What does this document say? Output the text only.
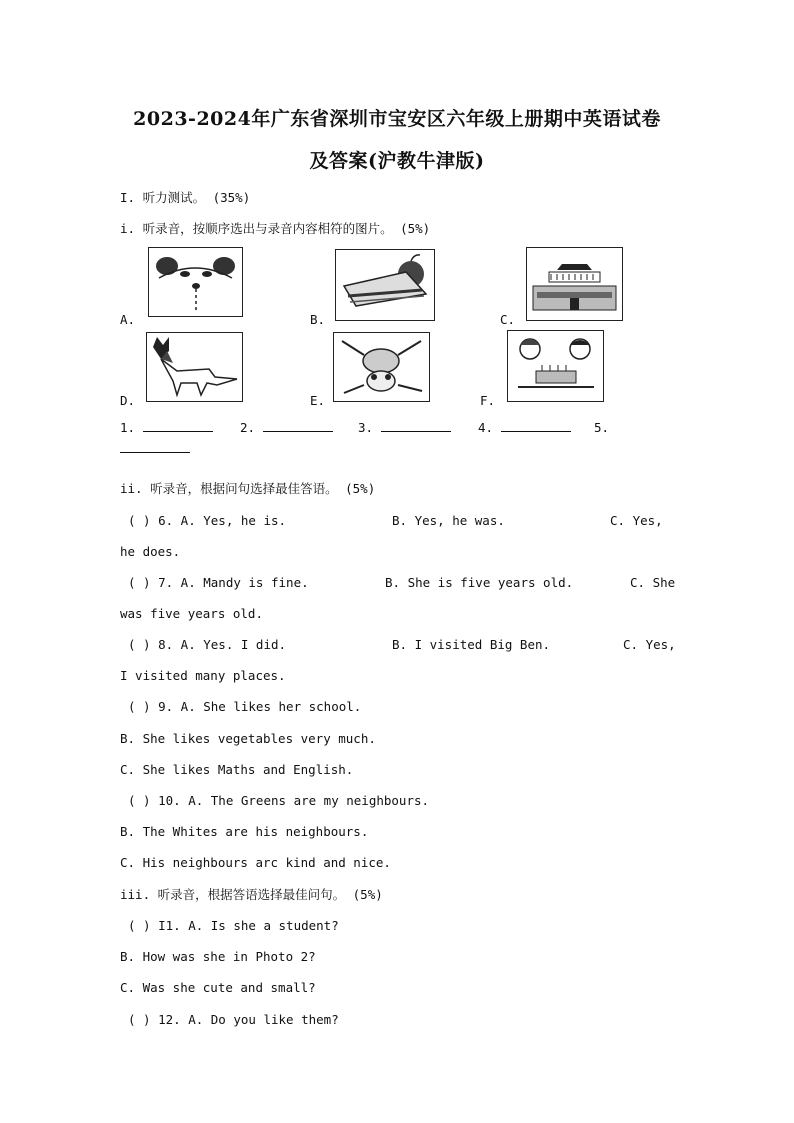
2023-2024年广东省深圳市宝安区六年级上册期中英语试卷
及答案(沪教牛津版)
I. 听力测试。 (35%)
i. 听录音，按顺序选出与录音内容相符的图片。 (5%)
A.	B.	C.
D.	E.	F.
1.	2.	3.	4.	5.
ii. 听录音，根据问句选择最佳答语。 (5%)
( ) 6. A. Yes, he is.	B. Yes, he was.	C. Yes,
he does.
( ) 7. A. Mandy is fine.	B. She is five years old.	C. She
was five years old.
( ) 8. A. Yes. I did.	B. I visited Big Ben.	C. Yes,
I visited many places.
( ) 9. A. She likes her school.
B. She likes vegetables very much.
C. She likes Maths and English.
( ) 10. A. The Greens are my neighbours.
B. The Whites are his neighbours.
C. His neighbours arc kind and nice.
iii. 听录音，根据答语选择最佳问句。 (5%)
( ) I1. A. Is she a student?
B. How was she in Photo 2?
C. Was she cute and small?
( ) 12. A. Do you like them?
